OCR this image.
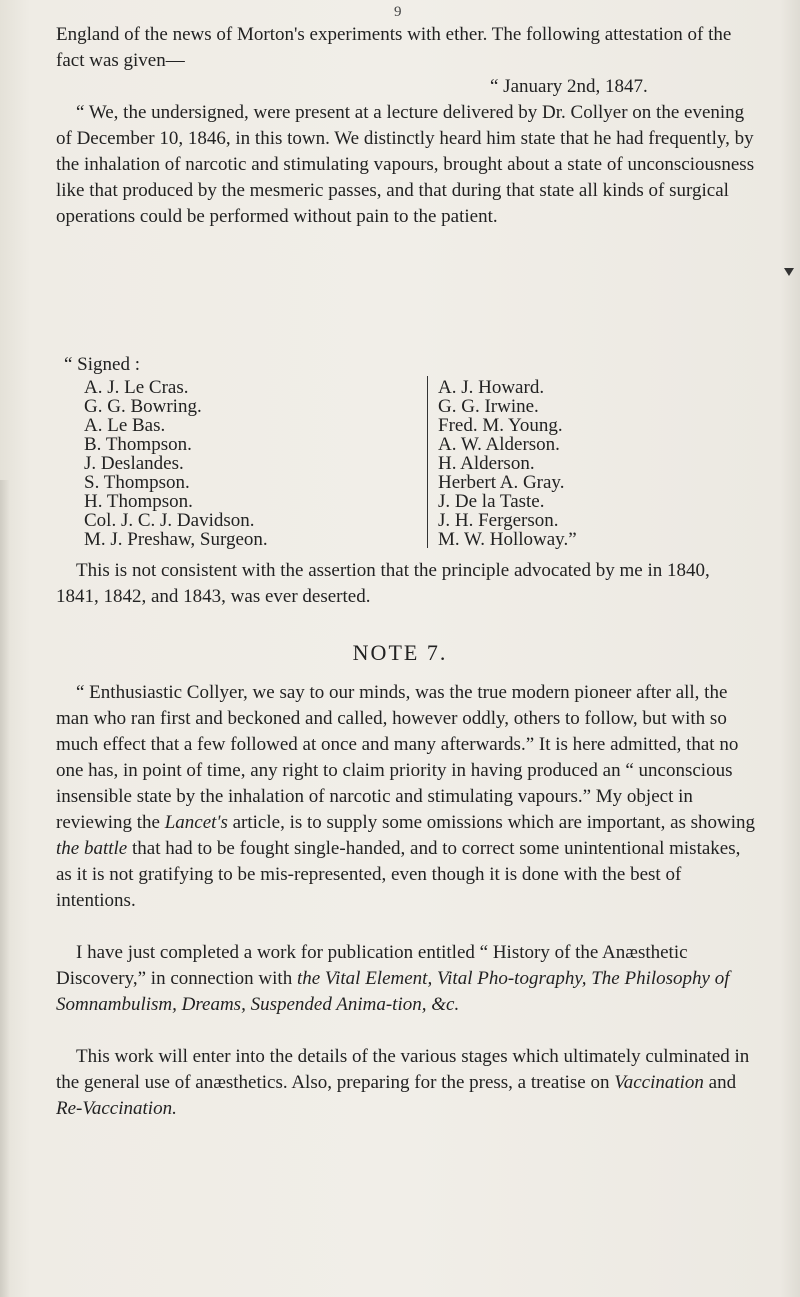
9

England of the news of Morton's experiments with ether. The following attestation of the fact was given—

“ January 2nd, 1847.

“ We, the undersigned, were present at a lecture delivered by Dr. Collyer on the evening of December 10, 1846, in this town. We distinctly heard him state that he had frequently, by the inhalation of narcotic and stimulating vapours, brought about a state of unconsciousness like that produced by the mesmeric passes, and that during that state all kinds of surgical operations could be performed without pain to the patient.

“ Signed :
A. J. Le Cras.
G. G. Bowring.
A. Le Bas.
B. Thompson.
J. Deslandes.
S. Thompson.
H. Thompson.
Col. J. C. J. Davidson.
M. J. Preshaw, Surgeon.
A. J. Howard.
G. G. Irwine.
Fred. M. Young.
A. W. Alderson.
H. Alderson.
Herbert A. Gray.
J. De la Taste.
J. H. Fergerson.
M. W. Holloway.”

This is not consistent with the assertion that the principle advocated by me in 1840, 1841, 1842, and 1843, was ever deserted.

NOTE 7.

“ Enthusiastic Collyer, we say to our minds, was the true modern pioneer after all, the man who ran first and beckoned and called, however oddly, others to follow, but with so much effect that a few followed at once and many afterwards.” It is here admitted, that no one has, in point of time, any right to claim priority in having produced an “ unconscious insensible state by the inhalation of narcotic and stimulating vapours.” My object in reviewing the Lancet's article, is to supply some omissions which are important, as showing the battle that had to be fought single-handed, and to correct some unintentional mistakes, as it is not gratifying to be mis-represented, even though it is done with the best of intentions.

I have just completed a work for publication entitled “ History of the Anæsthetic Discovery,” in connection with the Vital Element, Vital Pho-tography, The Philosophy of Somnambulism, Dreams, Suspended Anima-tion, &c.

This work will enter into the details of the various stages which ultimately culminated in the general use of anæsthetics. Also, preparing for the press, a treatise on Vaccination and Re-Vaccination.
